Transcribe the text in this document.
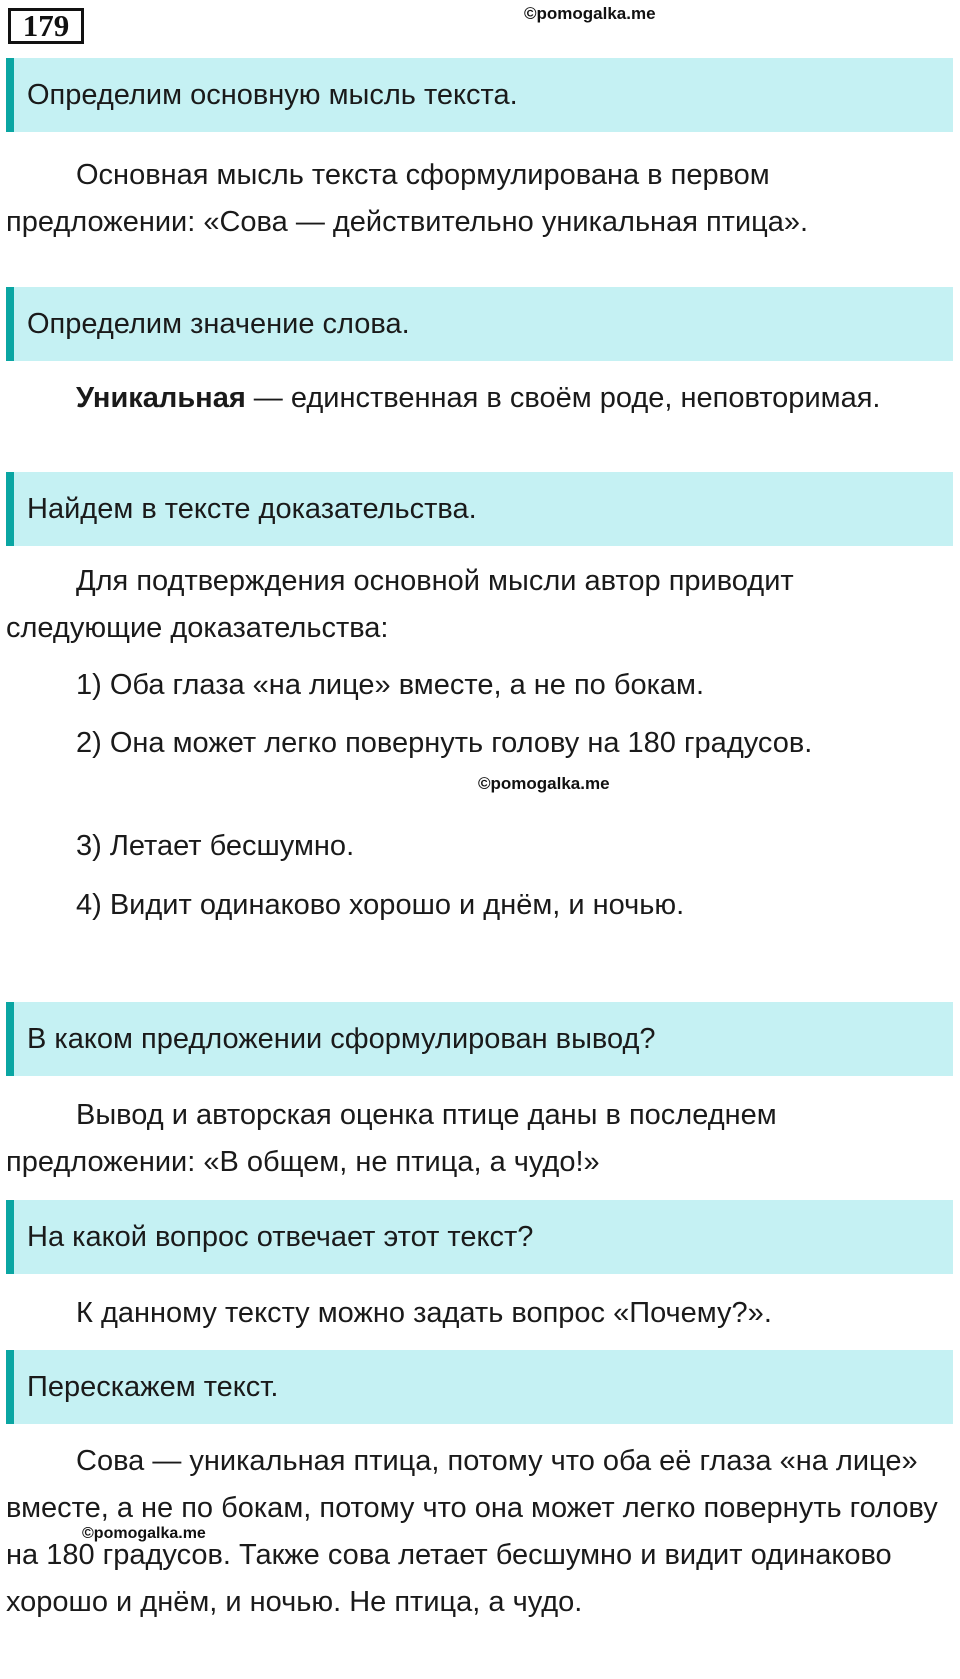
179	©pomogalka.me
Определим основную мысль текста.

Основная мысль текста сформулирована в первом предложении: «Сова — действительно уникальная птица».

Определим значение слова.

Уникальная — единственная в своём роде, неповторимая.

Найдем в тексте доказательства.

Для подтверждения основной мысли автор приводит следующие доказательства:

1) Оба глаза «на лице» вместе, а не по бокам.

2) Она может легко повернуть голову на 180 градусов.

©pomogalka.me

3) Летает бесшумно.

4) Видит одинаково хорошо и днём, и ночью.

В каком предложении сформулирован вывод?

Вывод и авторская оценка птице даны в последнем предложении: «В общем, не птица, а чудо!»

На какой вопрос отвечает этот текст?

К данному тексту можно задать вопрос «Почему?».

Перескажем текст.

Сова — уникальная птица, потому что оба её глаза «на лице» вместе, а не по бокам, потому что она может легко повернуть голову на 180 градусов. Также сова летает бесшумно и видит одинаково хорошо и днём, и ночью. Не птица, а чудо.

©pomogalka.me
